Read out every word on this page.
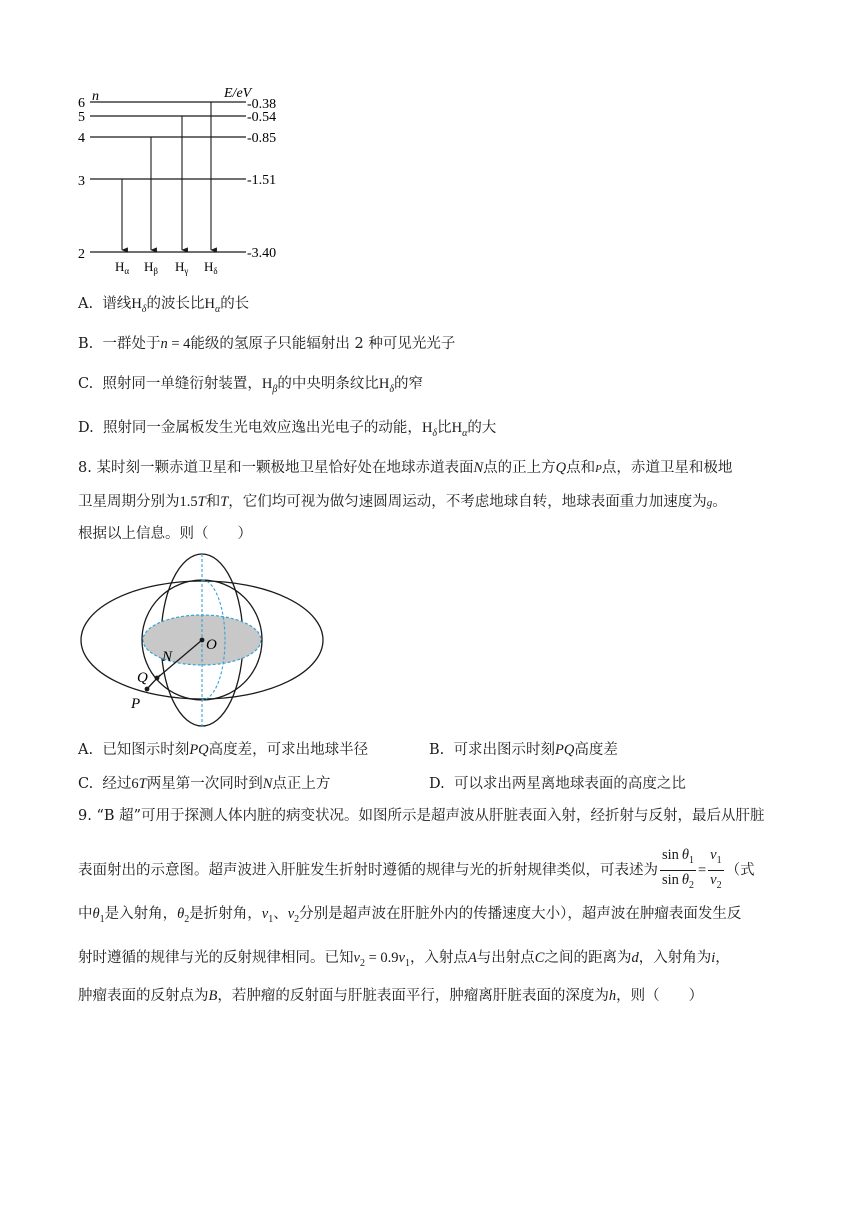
n	E/eV
6
5
4
3
2
-0.38
-0.54
-0.85
-1.51
-3.40
$H_\alpha$ $H_\beta$ $H_\gamma$ $H_\delta$
A. 谱线$H_\delta$的波长比$H_\alpha$的长
B. 一群处于n = 4能级的氢原子只能辐射出 2 种可见光光子
C. 照射同一单缝衍射装置，$H_\beta$的中央明条纹比$H_\delta$的窄
D. 照射同一金属板发生光电效应逸出光电子的动能，$H_\delta$比$H_\alpha$的大
8. 某时刻一颗赤道卫星和一颗极地卫星恰好处在地球赤道表面N点的正上方Q点和P点，赤道卫星和极地
卫星周期分别为1.5T和T，它们均可视为做匀速圆周运动，不考虑地球自转，地球表面重力加速度为g。
根据以上信息。则（　　）
O
N
Q
P
A. 已知图示时刻PQ高度差，可求出地球半径	B. 可求出图示时刻PQ高度差
C. 经过6T两星第一次同时到N点正上方	D. 可以求出两星离地球表面的高度之比
9. “B 超”可用于探测人体内脏的病变状况。如图所示是超声波从肝脏表面入射，经折射与反射，最后从肝脏
表面射出的示意图。超声波进入肝脏发生折射时遵循的规律与光的折射规律类似，可表述为 $\frac{\sin \theta_1}{\sin \theta_2} = \frac{v_1}{v_2}$ （式
中$\theta_1$是入射角，$\theta_2$是折射角，$v_1$、$v_2$分别是超声波在肝脏外内的传播速度大小），超声波在肿瘤表面发生反
射时遵循的规律与光的反射规律相同。已知$v_2 = 0.9v_1$，入射点A与出射点C之间的距离为d，入射角为i，
肿瘤表面的反射点为B，若肿瘤的反射面与肝脏表面平行，肿瘤离肝脏表面的深度为h，则（　　）
